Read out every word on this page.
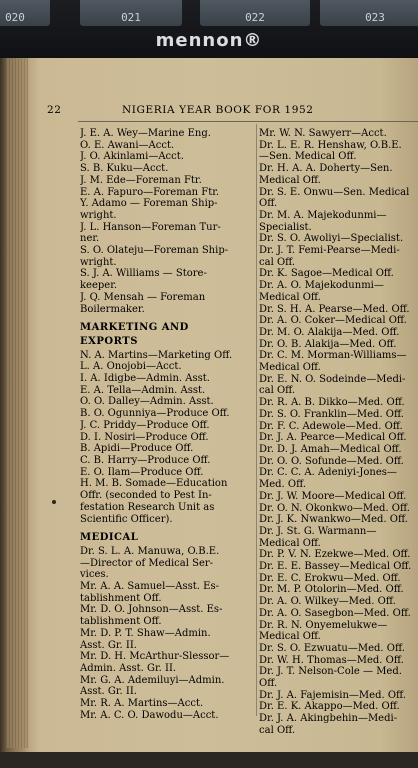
020	021	022	023
mennon®
22	NIGERIA YEAR BOOK FOR 1952
J. E. A. Wey—Marine Eng.
O. E. Awani—Acct.
J. O. Akinlami—Acct.
S. B. Kuku—Acct.
J. M. Ede—Foreman Ftr.
E. A. Fapuro—Foreman Ftr.
Y. Adamo — Foreman Ship-
wright.
J. L. Hanson—Foreman Tur-
ner.
S. O. Olateju—Foreman Ship-
wright.
S. J. A. Williams — Store-
keeper.
J. Q. Mensah — Foreman
Boilermaker.
MARKETING AND
EXPORTS
N. A. Martins—Marketing Off.
L. A. Onojobi—Acct.
I. A. Idigbe—Admin. Asst.
E. A. Tella—Admin. Asst.
O. O. Dalley—Admin. Asst.
B. O. Ogunniya—Produce Off.
J. C. Priddy—Produce Off.
D. I. Nosiri—Produce Off.
B. Apidi—Produce Off.
C. B. Harry—Produce Off.
E. O. Ilam—Produce Off.
H. M. B. Somade—Education
Offr. (seconded to Pest In-
festation Research Unit as
Scientific Officer).
MEDICAL
Dr. S. L. A. Manuwa, O.B.E.
—Director of Medical Ser-
vices.
Mr. A. A. Samuel—Asst. Es-
tablishment Off.
Mr. D. O. Johnson—Asst. Es-
tablishment Off.
Mr. D. P. T. Shaw—Admin.
Asst. Gr. II.
Mr. D. H. McArthur-Slessor—
Admin. Asst. Gr. II.
Mr. G. A. Ademiluyi—Admin.
Asst. Gr. II.
Mr. R. A. Martins—Acct.
Mr. A. C. O. Dawodu—Acct.
Mr. W. N. Sawyerr—Acct.
Dr. L. E. R. Henshaw, O.B.E.
—Sen. Medical Off.
Dr. H. A. A. Doherty—Sen.
Medical Off.
Dr. S. E. Onwu—Sen. Medical
Off.
Dr. M. A. Majekodunmi—
Specialist.
Dr. S. O. Awoliyi—Specialist.
Dr. J. T. Femi-Pearse—Medi-
cal Off.
Dr. K. Sagoe—Medical Off.
Dr. A. O. Majekodunmi—
Medical Off.
Dr. S. H. A. Pearse—Med. Off.
Dr. A. O. Coker—Medical Off.
Dr. M. O. Alakija—Med. Off.
Dr. O. B. Alakija—Med. Off.
Dr. C. M. Morman-Williams—
Medical Off.
Dr. E. N. O. Sodeinde—Medi-
cal Off.
Dr. R. A. B. Dikko—Med. Off.
Dr. S. O. Franklin—Med. Off.
Dr. F. C. Adewole—Med. Off.
Dr. J. A. Pearce—Medical Off.
Dr. D. J. Amah—Medical Off.
Dr. O. O. Sofunde—Med. Off.
Dr. C. C. A. Adeniyi-Jones—
Med. Off.
Dr. J. W. Moore—Medical Off.
Dr. O. N. Okonkwo—Med. Off.
Dr. J. K. Nwankwo—Med. Off.
Dr. J. St. G. Warmann—
Medical Off.
Dr. P. V. N. Ezekwe—Med. Off.
Dr. E. E. Bassey—Medical Off.
Dr. E. C. Erokwu—Med. Off.
Dr. M. P. Otolorin—Med. Off.
Dr. A. O. Wilkey—Med. Off.
Dr. A. O. Sasegbon—Med. Off.
Dr. R. N. Onyemelukwe—
Medical Off.
Dr. S. O. Ezwuatu—Med. Off.
Dr. W. H. Thomas—Med. Off.
Dr. J. T. Nelson-Cole — Med.
Off.
Dr. J. A. Fajemisin—Med. Off.
Dr. E. K. Akappo—Med. Off.
Dr. J. A. Akingbehin—Medi-
cal Off.
